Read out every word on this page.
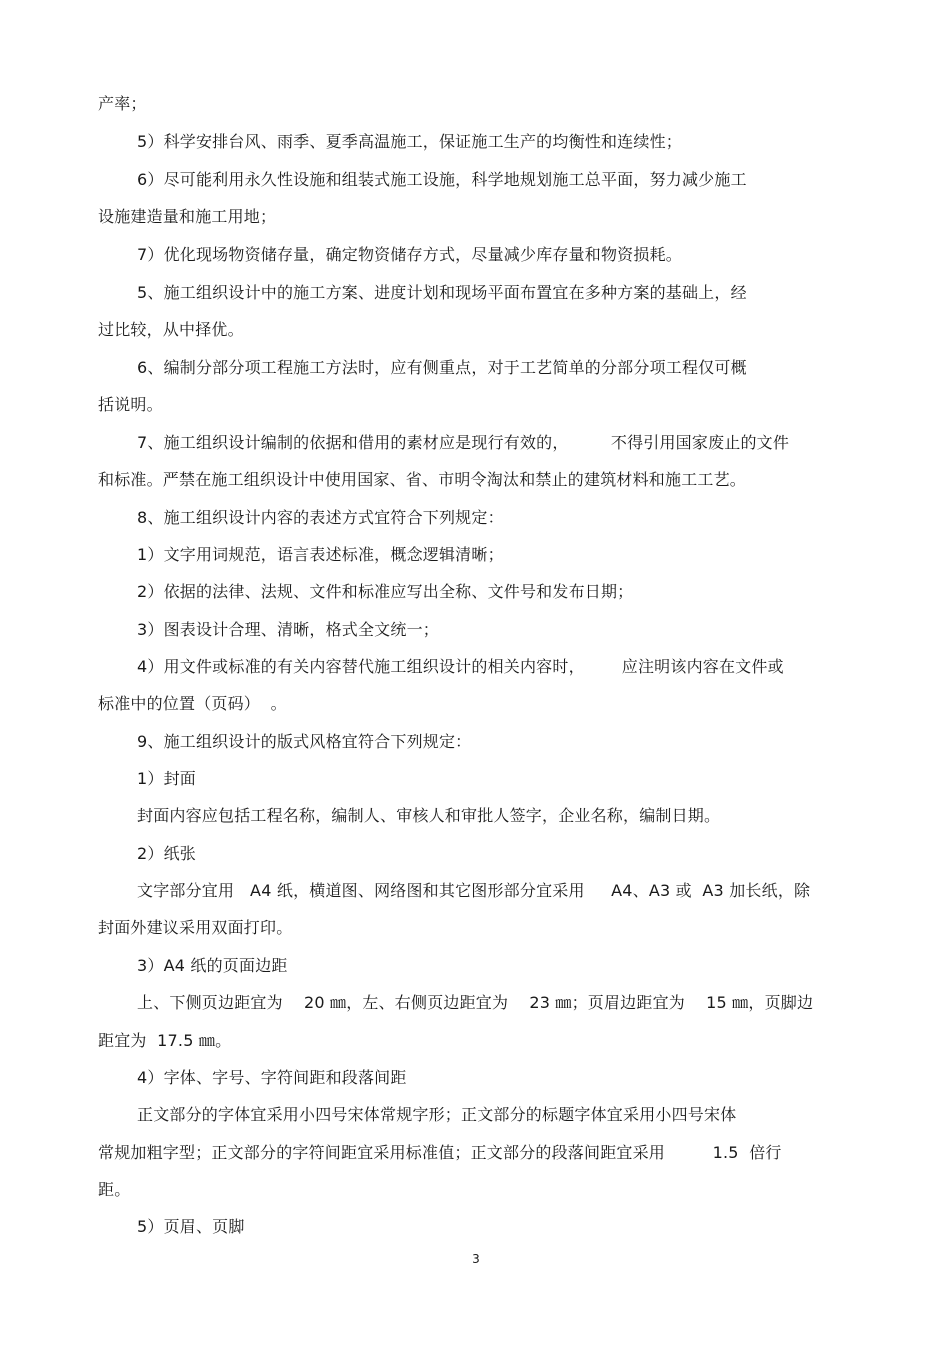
产率；
5）科学安排台风、雨季、夏季高温施工，保证施工生产的均衡性和连续性；
6）尽可能利用永久性设施和组装式施工设施，科学地规划施工总平面，努力减少施工
设施建造量和施工用地；
7）优化现场物资储存量，确定物资储存方式，尽量减少库存量和物资损耗。
5、施工组织设计中的施工方案、进度计划和现场平面布置宜在多种方案的基础上，经
过比较，从中择优。
6、编制分部分项工程施工方法时，应有侧重点，对于工艺简单的分部分项工程仅可概
括说明。
7、施工组织设计编制的依据和借用的素材应是现行有效的，        不得引用国家废止的文件
和标准。严禁在施工组织设计中使用国家、省、市明令淘汰和禁止的建筑材料和施工工艺。
8、施工组织设计内容的表述方式宜符合下列规定：
1）文字用词规范，语言表述标准，概念逻辑清晰；
2）依据的法律、法规、文件和标准应写出全称、文件号和发布日期；
3）图表设计合理、清晰，格式全文统一；
4）用文件或标准的有关内容替代施工组织设计的相关内容时，       应注明该内容在文件或
标准中的位置（页码）  。
9、施工组织设计的版式风格宜符合下列规定：
1）封面
封面内容应包括工程名称，编制人、审核人和审批人签字，企业名称，编制日期。
2）纸张
文字部分宜用   A4 纸，横道图、网络图和其它图形部分宜采用     A4、A3 或  A3 加长纸，除
封面外建议采用双面打印。
3）A4 纸的页面边距
上、下侧页边距宜为    20 ㎜，左、右侧页边距宜为    23 ㎜；页眉边距宜为    15 ㎜，页脚边
距宜为  17.5 ㎜。
4）字体、字号、字符间距和段落间距
正文部分的字体宜采用小四号宋体常规字形；正文部分的标题字体宜采用小四号宋体
常规加粗字型；正文部分的字符间距宜采用标准值；正文部分的段落间距宜采用         1.5  倍行
距。
5）页眉、页脚
3
